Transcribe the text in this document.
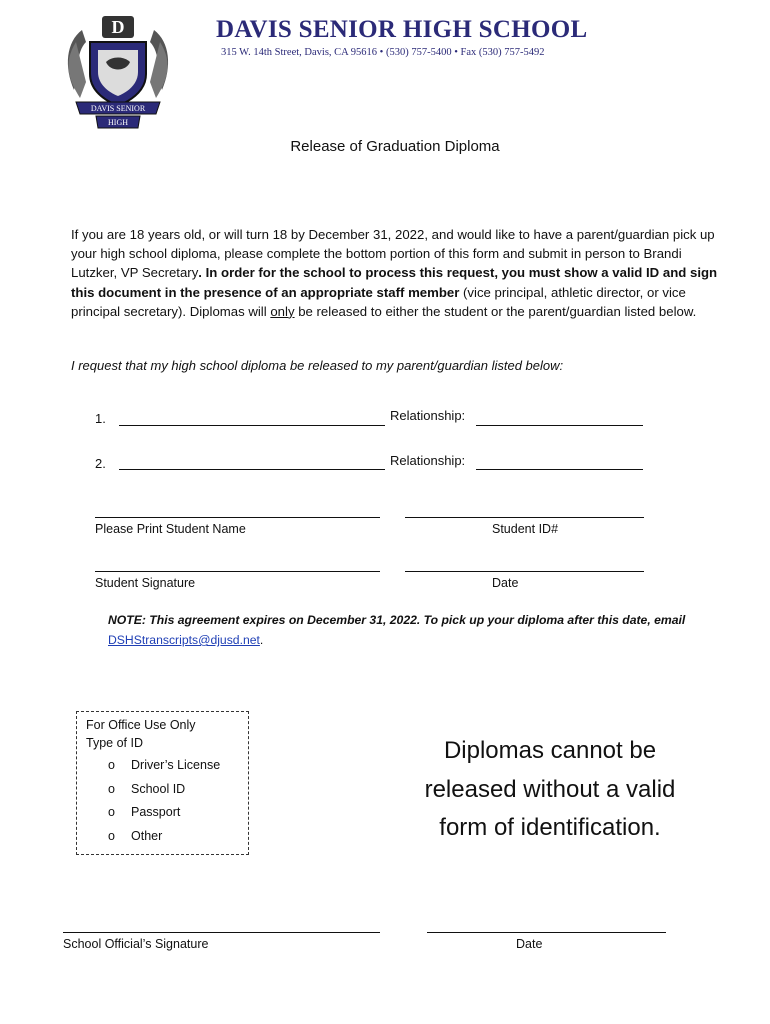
D
DAVIS SENIOR
HIGH
DAVIS SENIOR HIGH SCHOOL
315 W. 14th Street, Davis, CA 95616 • (530) 757-5400 • Fax (530) 757-5492
Release of Graduation Diploma
If you are 18 years old, or will turn 18 by December 31, 2022, and would like to have a parent/guardian pick up your high school diploma, please complete the bottom portion of this form and submit in person to Brandi Lutzker, VP Secretary. In order for the school to process this request, you must show a valid ID and sign this document in the presence of an appropriate staff member (vice principal, athletic director, or vice principal secretary). Diplomas will only be released to either the student or the parent/guardian listed below.
I request that my high school diploma be released to my parent/guardian listed below:
1.	Relationship:
2.	Relationship:
Please Print Student Name	Student ID#
Student Signature	Date
NOTE: This agreement expires on December 31, 2022. To pick up your diploma after this date, email DSHStranscripts@djusd.net.
For Office Use Only
Type of ID
o Driver’s License
o School ID
o Passport
o Other
Diplomas cannot be
released without a valid
form of identification.
School Official’s Signature	Date
